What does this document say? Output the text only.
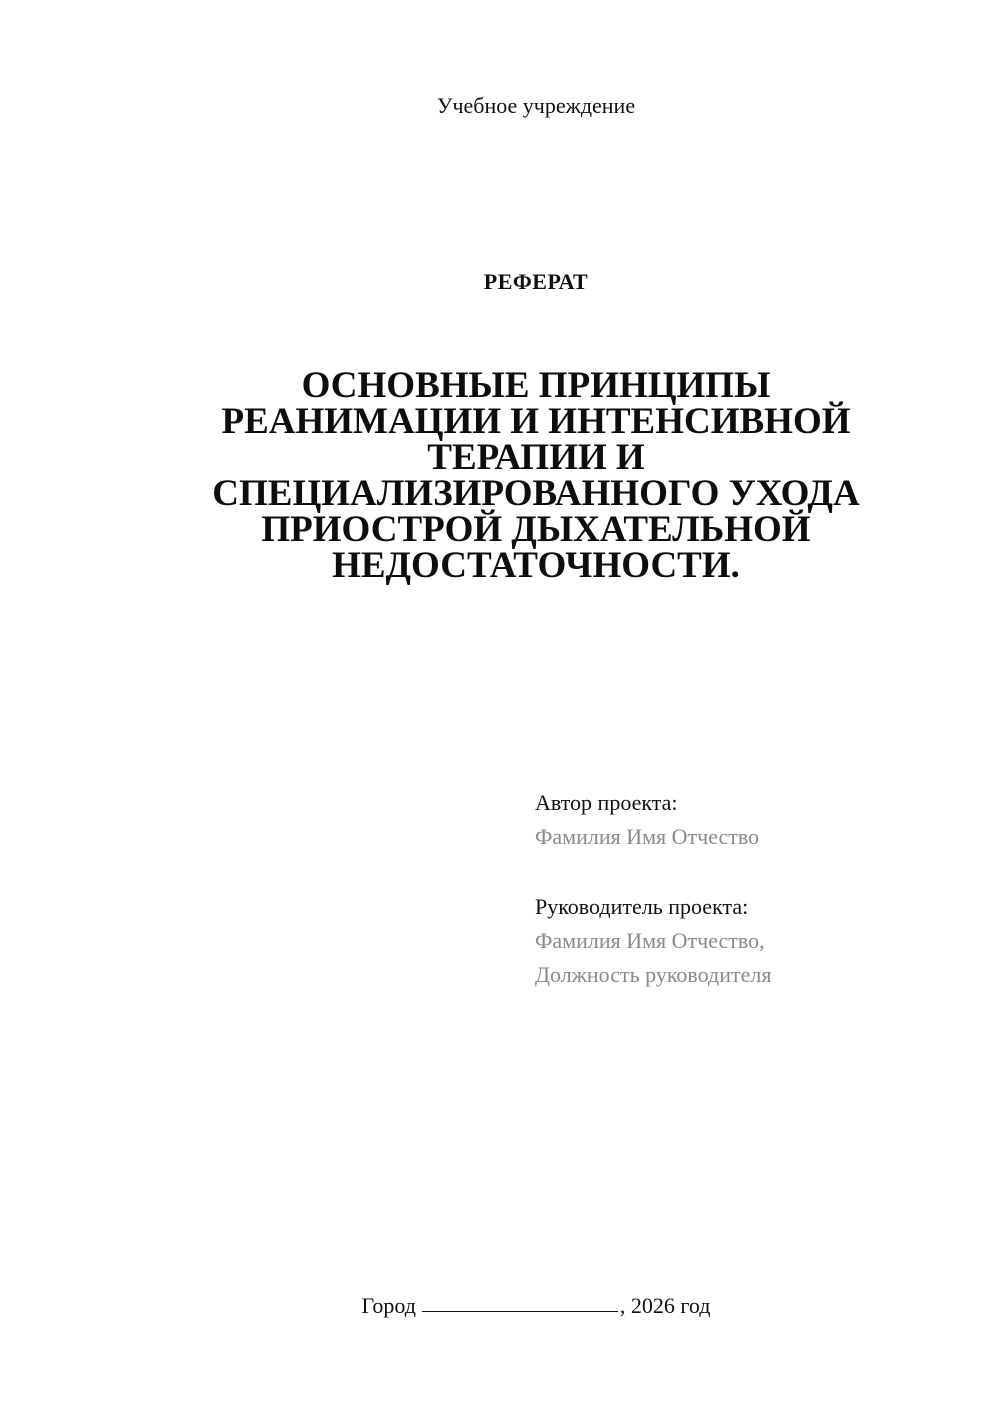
Учебное учреждение
РЕФЕРАТ
ОСНОВНЫЕ ПРИНЦИПЫ
РЕАНИМАЦИИ И ИНТЕНСИВНОЙ
ТЕРАПИИ И
СПЕЦИАЛИЗИРОВАННОГО УХОДА
ПРИОСТРОЙ ДЫХАТЕЛЬНОЙ
НЕДОСТАТОЧНОСТИ.
Автор проекта:
Фамилия Имя Отчество
Руководитель проекта:
Фамилия Имя Отчество,
Должность руководителя
Город	, 2026 год
